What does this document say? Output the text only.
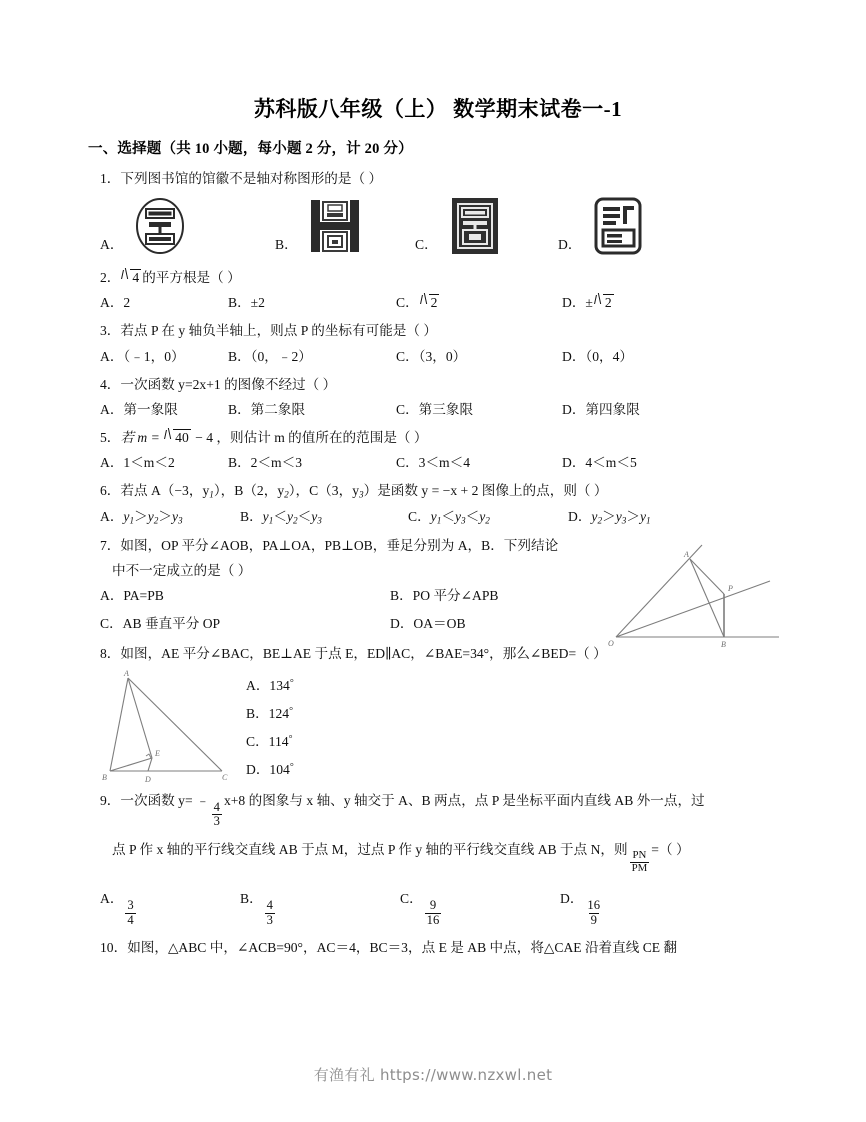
苏科版八年级（上） 数学期末试卷一-1
一、选择题（共 10 小题，每小题 2 分，计 20 分）
1．下列图书馆的馆徽不是轴对称图形的是（ ）
A．	B．	C．	D．
2． 4 的平方根是（ ）
A．2	B．±2	C． 2	D．± 2
3．若点 P 在 y 轴负半轴上，则点 P 的坐标有可能是（ ）
A．（﹣1，0）	B．（0，﹣2）	C．（3，0）	D．（0，4）
4．一次函数 y=2x+1 的图像不经过（ ）
A．第一象限	B．第二象限	C．第三象限	D．第四象限
5．若 m = 40 − 4 ，则估计 m 的值所在的范围是（ ）
A．1＜m＜2	B．2＜m＜3	C．3＜m＜4	D．4＜m＜5
6．若点 A（−3，$y_1$），B（2，$y_2$），C（3，$y_3$）是函数 y = −x + 2 图像上的点，则（ ）
A．$y_1>y_2>y_3$	B．$y_1<y_2<y_3$	C．$y_1<y_3<y_2$	D．$y_2>y_3>y_1$
7．如图，OP 平分∠AOB，PA⊥OA，PB⊥OB，垂足分别为 A，B．下列结论
中不一定成立的是（ ）
A．PA=PB	B．PO 平分∠APB
C．AB 垂直平分 OP	D．OA＝OB
O
A
B
P
8．如图，AE 平分∠BAC，BE⊥AE 于点 E，ED∥AC，∠BAE=34°，那么∠BED=（ ）
A
B	C
D
E
A．134°
B．124°
C．114°
D．104°
9．一次函数 y= ﹣
$\frac{4}{3}$
x+8 的图象与 x 轴、y 轴交于 A、B 两点，点 P 是坐标平面内直线 AB 外一点，过
点 P 作 x 轴的平行线交直线 AB 于点 M，过点 P 作 y 轴的平行线交直线 AB 于点 N，则
$\frac{PN}{PM}$
=（ ）
A．
$\frac{3}{4}$
B．
$\frac{4}{3}$
C．
$\frac{9}{16}$
D．
$\frac{16}{9}$
10．如图，△ABC 中，∠ACB=90°，AC＝4，BC＝3，点 E 是 AB 中点，将△CAE 沿着直线 CE 翻
有渔有礼 https://www.nzxwl.net
